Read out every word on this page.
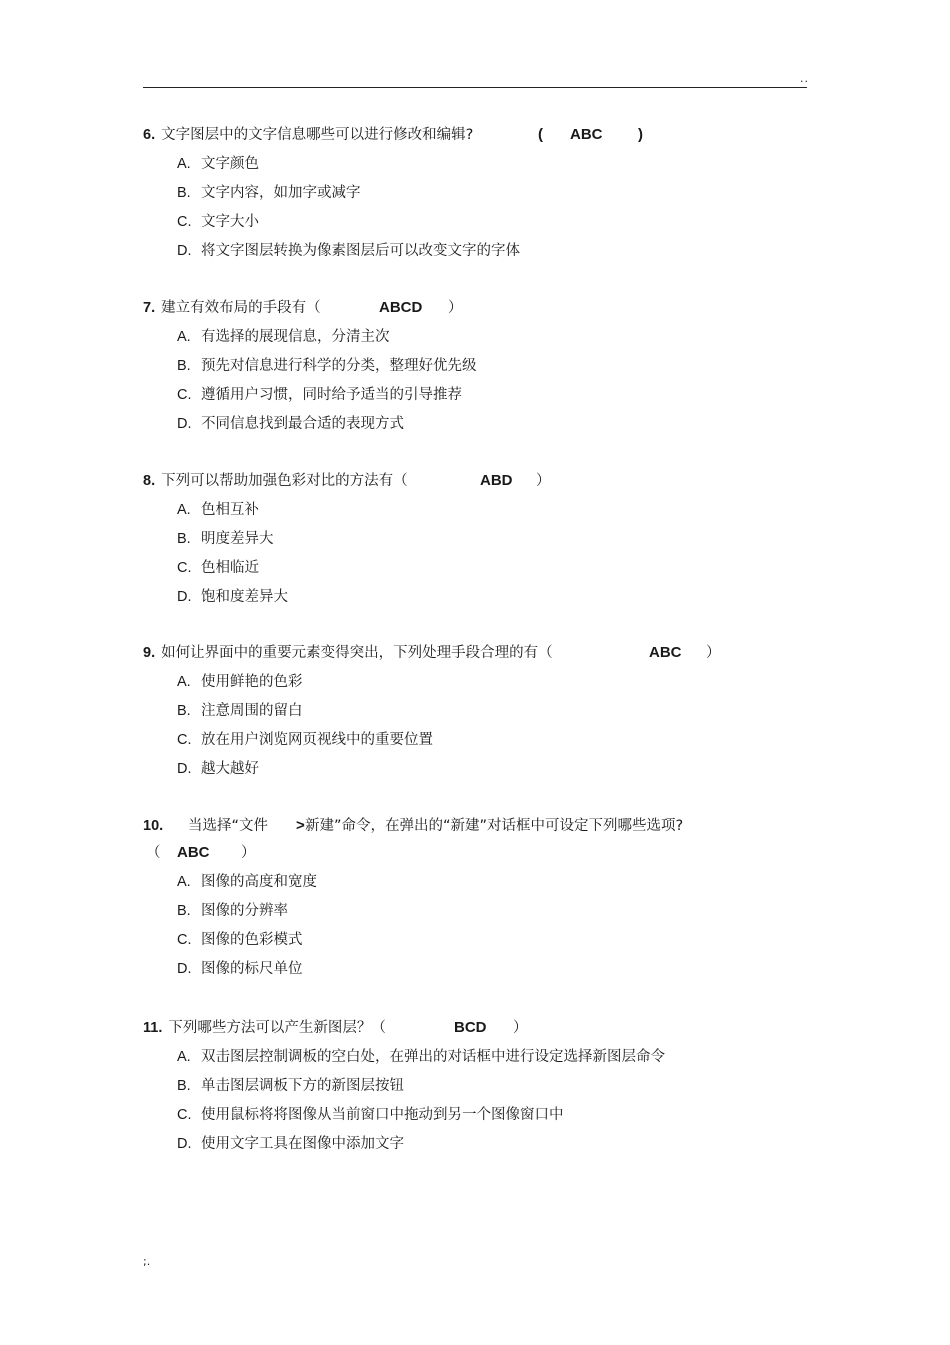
..
6. 文字图层中的文字信息哪些可以进行修改和编辑?	( ABC )
A. 文字颜色
B. 文字内容，如加字或减字
C. 文字大小
D. 将文字图层转换为像素图层后可以改变文字的字体
7. 建立有效布局的手段有（	ABCD ）
A. 有选择的展现信息，分清主次
B. 预先对信息进行科学的分类，整理好优先级
C. 遵循用户习惯，同时给予适当的引导推荐
D. 不同信息找到最合适的表现方式
8. 下列可以帮助加强色彩对比的方法有（	ABD ）
A. 色相互补
B. 明度差异大
C. 色相临近
D. 饱和度差异大
9. 如何让界面中的重要元素变得突出，下列处理手段合理的有（	ABC ）
A. 使用鲜艳的色彩
B. 注意周围的留白
C. 放在用户浏览网页视线中的重要位置
D. 越大越好
10. 当选择“文件 > 新建”命令，在弹出的“新建”对话框中可设定下列哪些选项?
（ ABC ）
A. 图像的高度和宽度
B. 图像的分辨率
C. 图像的色彩模式
D. 图像的标尺单位
11. 下列哪些方法可以产生新图层？（	BCD ）
A. 双击图层控制调板的空白处，在弹出的对话框中进行设定选择新图层命令
B. 单击图层调板下方的新图层按钮
C. 使用鼠标将将图像从当前窗口中拖动到另一个图像窗口中
D. 使用文字工具在图像中添加文字
;.
